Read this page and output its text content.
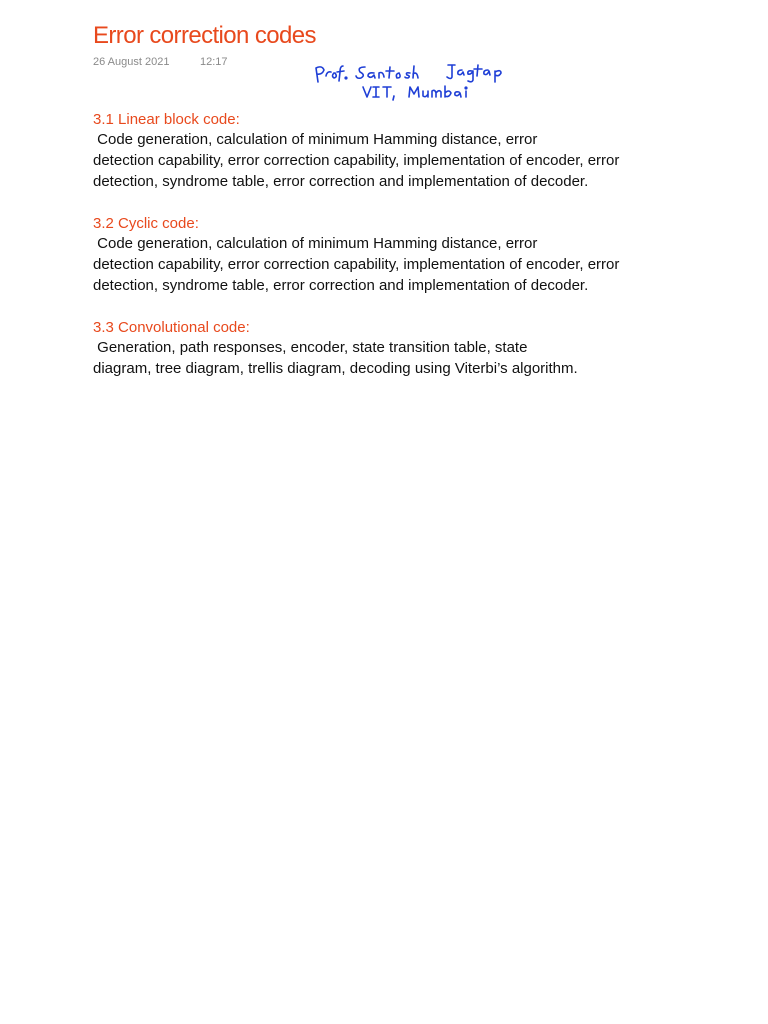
Error correction codes
26 August 2021	12:17
3.1 Linear block code:
Code generation, calculation of minimum Hamming distance, error
detection capability, error correction capability, implementation of encoder, error
detection, syndrome table, error correction and implementation of decoder.
3.2 Cyclic code:
Code generation, calculation of minimum Hamming distance, error
detection capability, error correction capability, implementation of encoder, error
detection, syndrome table, error correction and implementation of decoder.
3.3 Convolutional code:
Generation, path responses, encoder, state transition table, state
diagram, tree diagram, trellis diagram, decoding using Viterbi’s algorithm.
